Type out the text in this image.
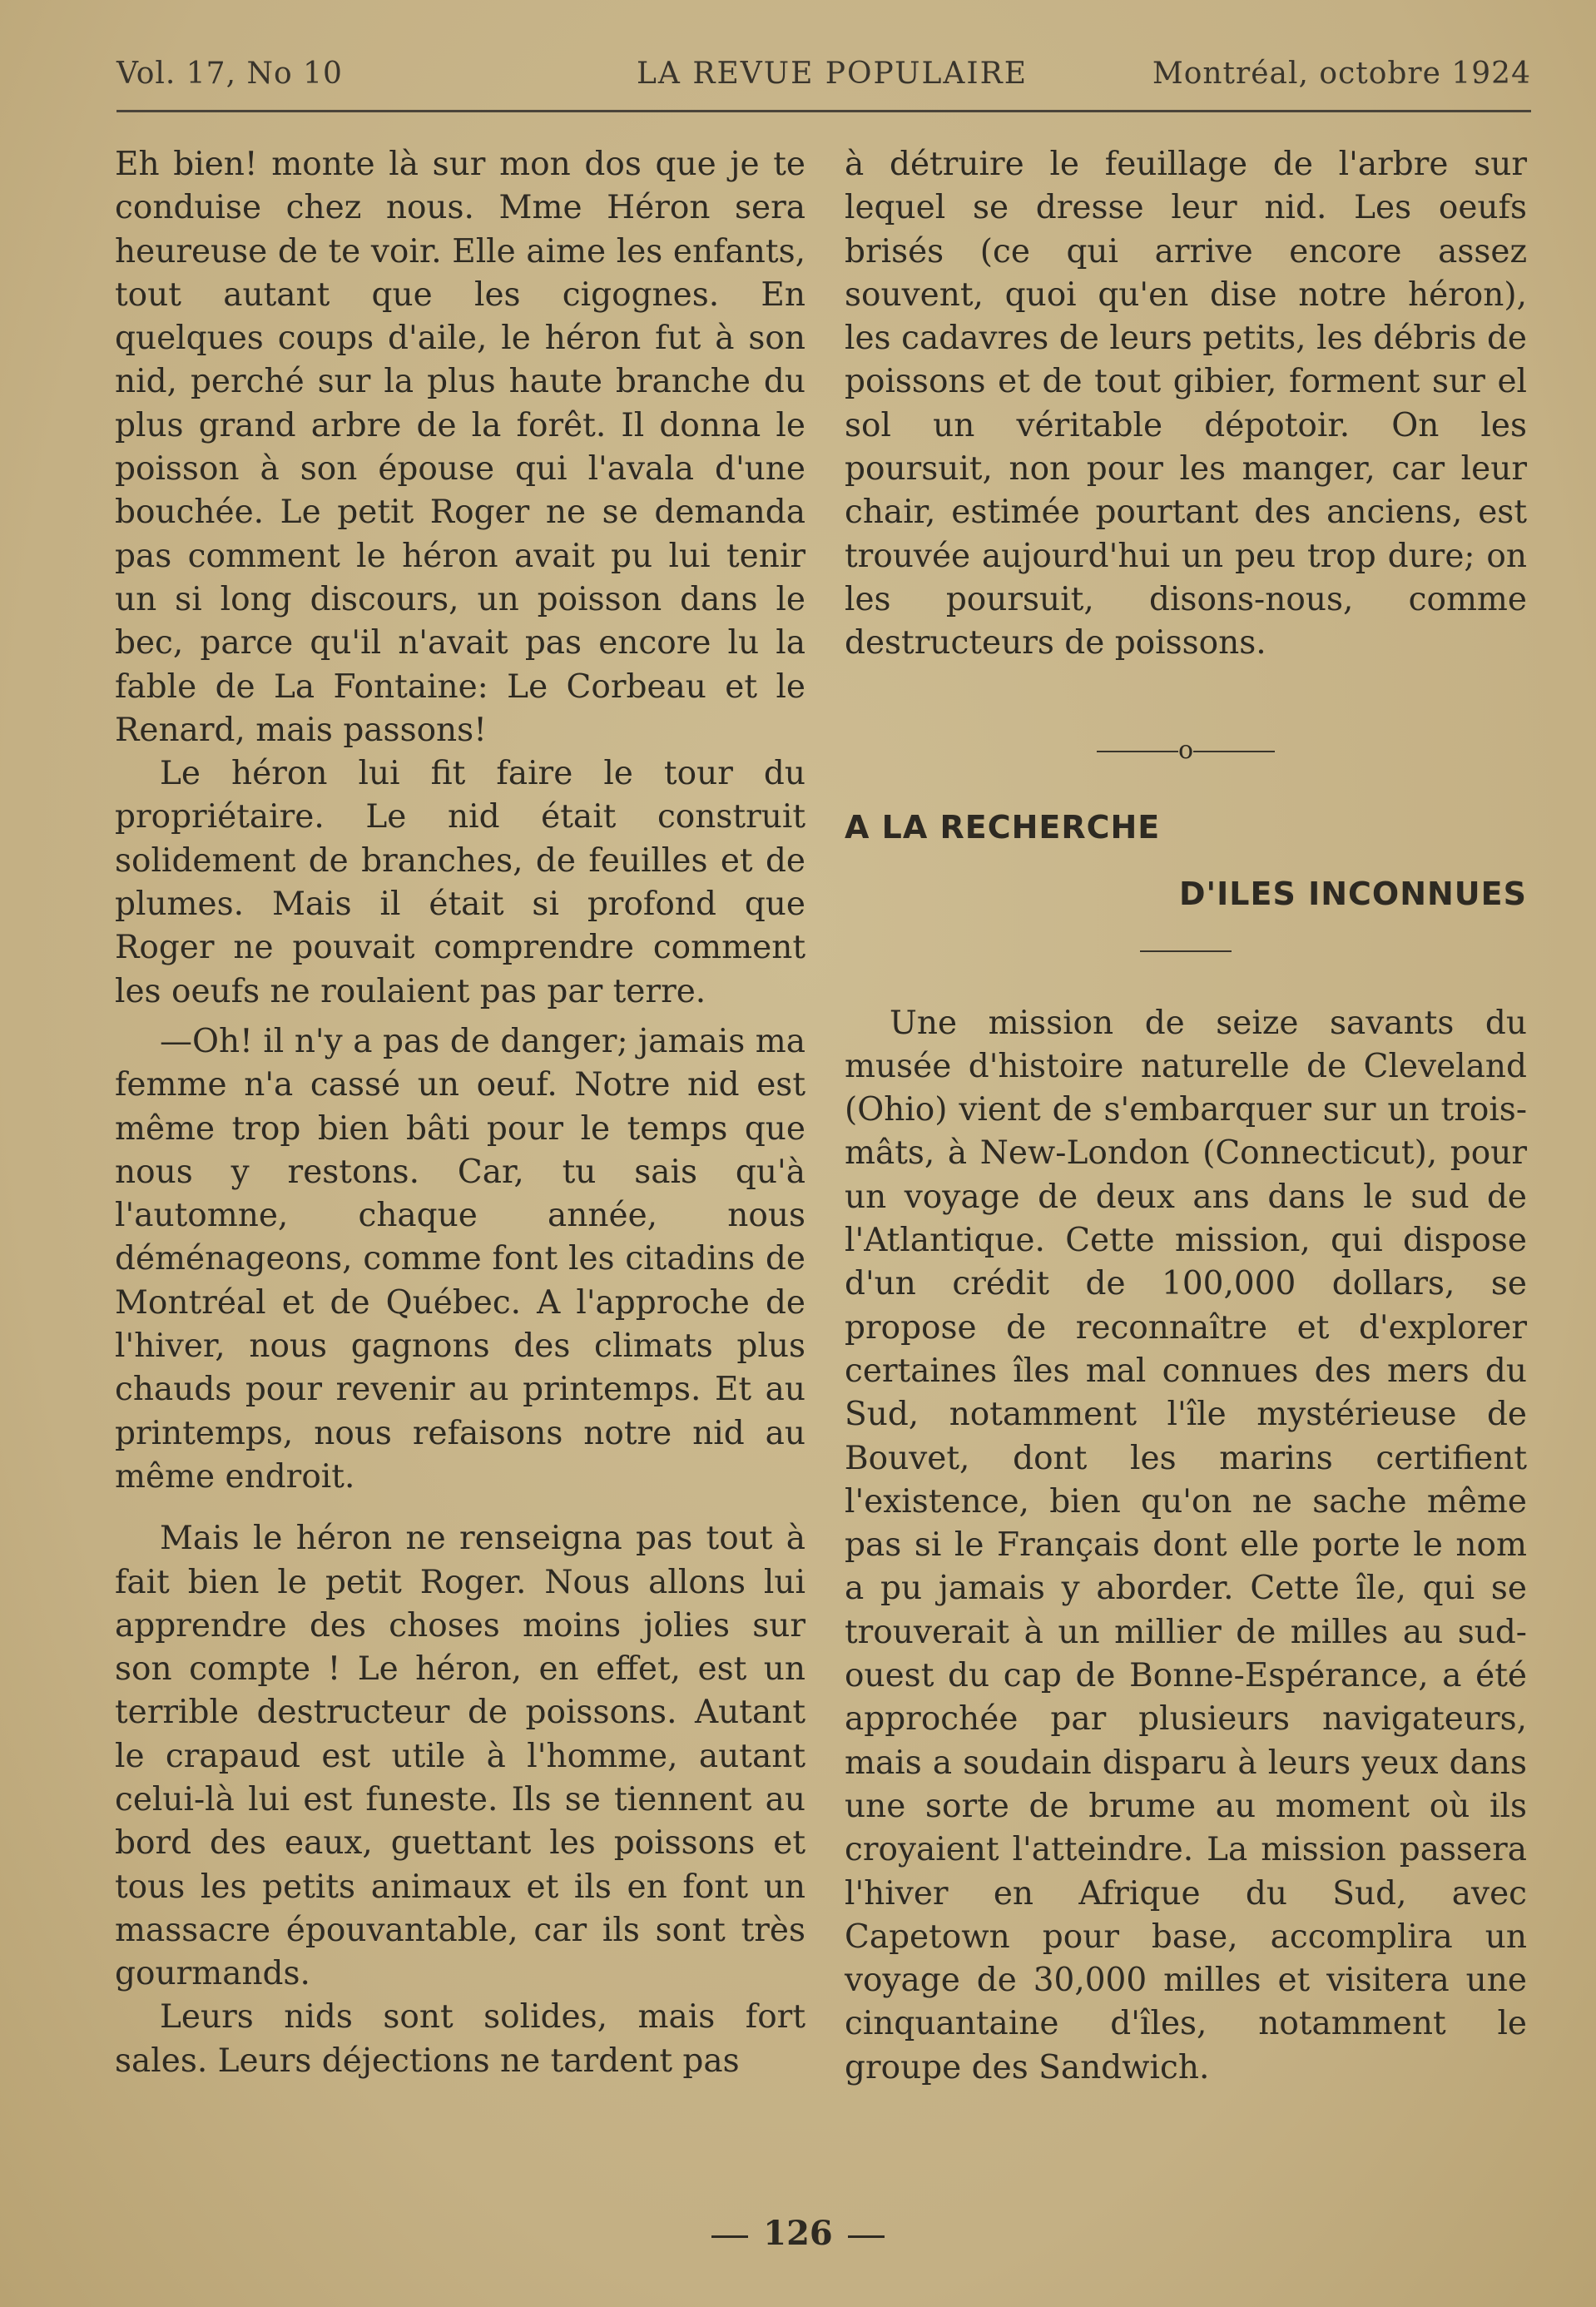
Vol. 17, No 10	LA REVUE POPULAIRE	Montréal, octobre 1924

Eh bien! monte là sur mon dos que je te conduise chez nous. Mme Héron sera heureuse de te voir. Elle aime les enfants, tout autant que les cigognes. En quelques coups d'aile, le héron fut à son nid, perché sur la plus haute branche du plus grand arbre de la forêt. Il donna le poisson à son épouse qui l'avala d'une bouchée. Le petit Roger ne se demanda pas comment le héron avait pu lui tenir un si long discours, un poisson dans le bec, parce qu'il n'avait pas encore lu la fable de La Fontaine: Le Corbeau et le Renard, mais passons!

Le héron lui fit faire le tour du propriétaire. Le nid était construit solidement de branches, de feuilles et de plumes. Mais il était si profond que Roger ne pouvait comprendre comment les oeufs ne roulaient pas par terre.

—Oh! il n'y a pas de danger; jamais ma femme n'a cassé un oeuf. Notre nid est même trop bien bâti pour le temps que nous y restons. Car, tu sais qu'à l'automne, chaque année, nous déménageons, comme font les citadins de Montréal et de Québec. A l'approche de l'hiver, nous gagnons des climats plus chauds pour revenir au printemps. Et au printemps, nous refaisons notre nid au même endroit.

Mais le héron ne renseigna pas tout à fait bien le petit Roger. Nous allons lui apprendre des choses moins jolies sur son compte ! Le héron, en effet, est un terrible destructeur de poissons. Autant le crapaud est utile à l'homme, autant celui-là lui est funeste. Ils se tiennent au bord des eaux, guettant les poissons et tous les petits animaux et ils en font un massacre épouvantable, car ils sont très gourmands.

Leurs nids sont solides, mais fort sales. Leurs déjections ne tardent pas

à détruire le feuillage de l'arbre sur lequel se dresse leur nid. Les oeufs brisés (ce qui arrive encore assez souvent, quoi qu'en dise notre héron), les cadavres de leurs petits, les débris de poissons et de tout gibier, forment sur el sol un véritable dépotoir. On les poursuit, non pour les manger, car leur chair, estimée pourtant des anciens, est trouvée aujourd'hui un peu trop dure; on les poursuit, disons-nous, comme destructeurs de poissons.

o
A LA RECHERCHE
D'ILES INCONNUES

Une mission de seize savants du musée d'histoire naturelle de Cleveland (Ohio) vient de s'embarquer sur un trois-mâts, à New-London (Connecticut), pour un voyage de deux ans dans le sud de l'Atlantique. Cette mission, qui dispose d'un crédit de 100,000 dollars, se propose de reconnaître et d'explorer certaines îles mal connues des mers du Sud, notamment l'île mystérieuse de Bouvet, dont les marins certifient l'existence, bien qu'on ne sache même pas si le Français dont elle porte le nom a pu jamais y aborder. Cette île, qui se trouverait à un millier de milles au sud-ouest du cap de Bonne-Espérance, a été approchée par plusieurs navigateurs, mais a soudain disparu à leurs yeux dans une sorte de brume au moment où ils croyaient l'atteindre. La mission passera l'hiver en Afrique du Sud, avec Capetown pour base, accomplira un voyage de 30,000 milles et visitera une cinquantaine d'îles, notamment le groupe des Sandwich.

126
